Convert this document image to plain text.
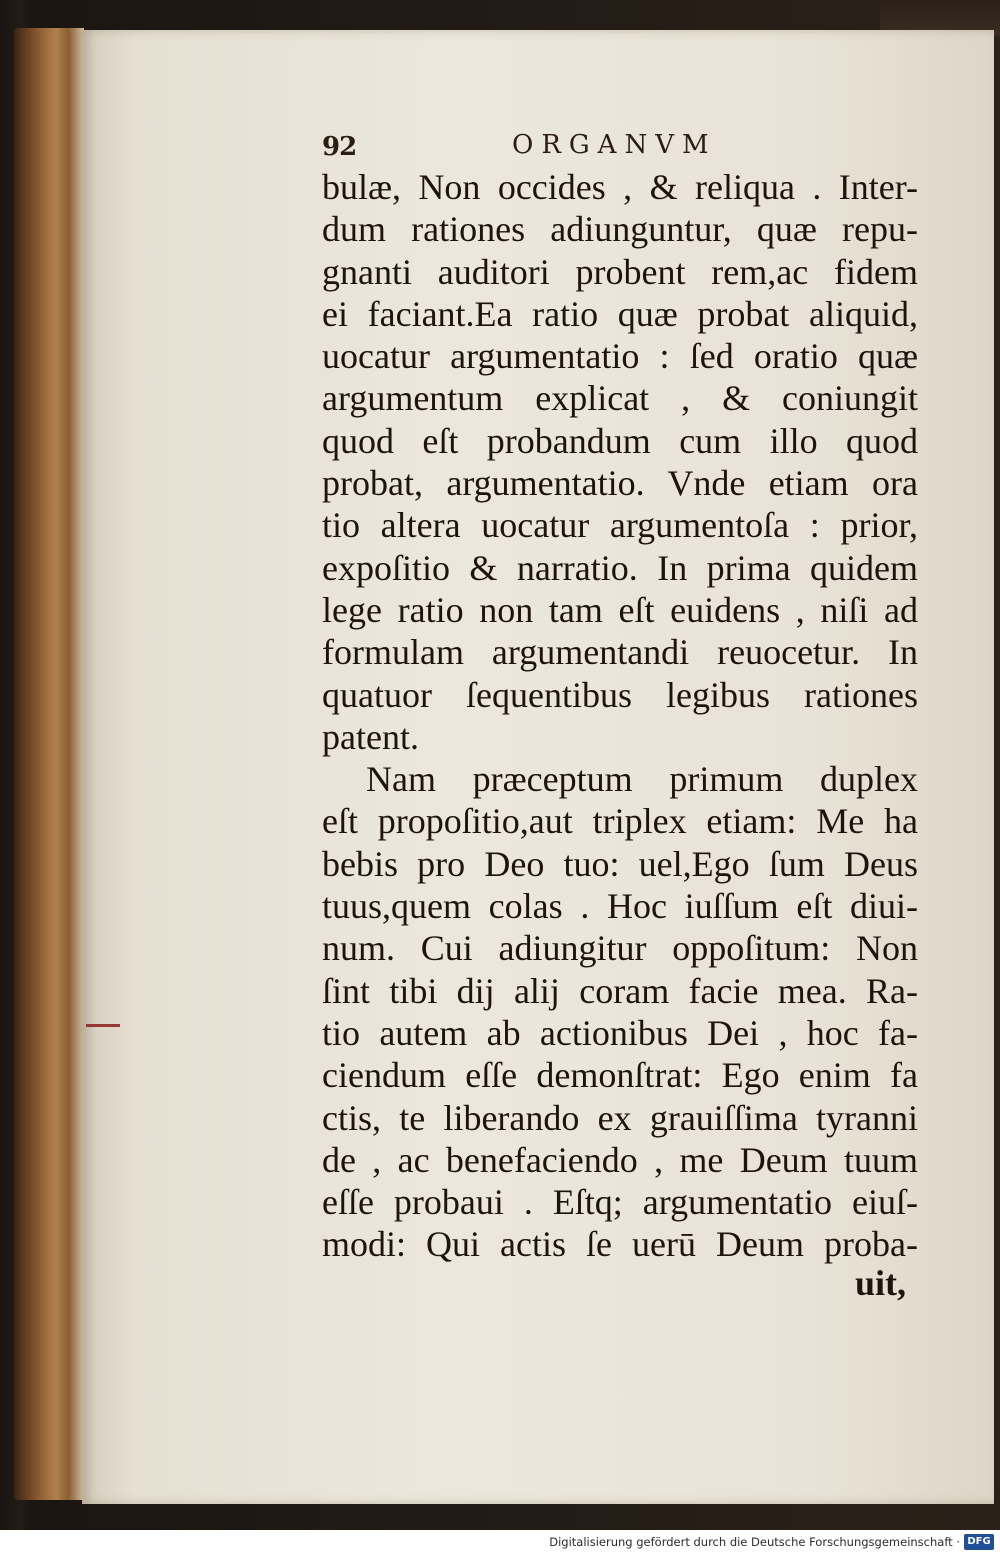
92	ORGANVM
bulæ, Non occides , & reliqua . Inter-
dum rationes adiunguntur, quæ repu-
gnanti auditori probent rem,ac fidem
ei faciant.Ea ratio quæ probat aliquid,
uocatur argumentatio : ſed oratio quæ
argumentum explicat , & coniungit
quod eſt probandum cum illo quod
probat, argumentatio. Vnde etiam ora
tio altera uocatur argumentoſa : prior,
expoſitio & narratio. In prima quidem
lege ratio non tam eſt euidens , niſi ad
formulam argumentandi reuocetur. In
quatuor ſequentibus legibus rationes
patent.
Nam præceptum primum duplex
eſt propoſitio,aut triplex etiam: Me ha
bebis pro Deo tuo: uel,Ego ſum Deus
tuus,quem colas . Hoc iuſſum eſt diui-
num. Cui adiungitur oppoſitum: Non
ſint tibi dij alij coram facie mea. Ra-
tio autem ab actionibus Dei , hoc fa-
ciendum eſſe demonſtrat: Ego enim fa
ctis, te liberando ex grauiſſima tyranni
de , ac benefaciendo , me Deum tuum
eſſe probaui . Eſtq; argumentatio eiuſ-
modi: Qui actis ſe uerū Deum proba-
uit,
Digitalisierung gefördert durch die Deutsche Forschungsgemeinschaft · DFG
